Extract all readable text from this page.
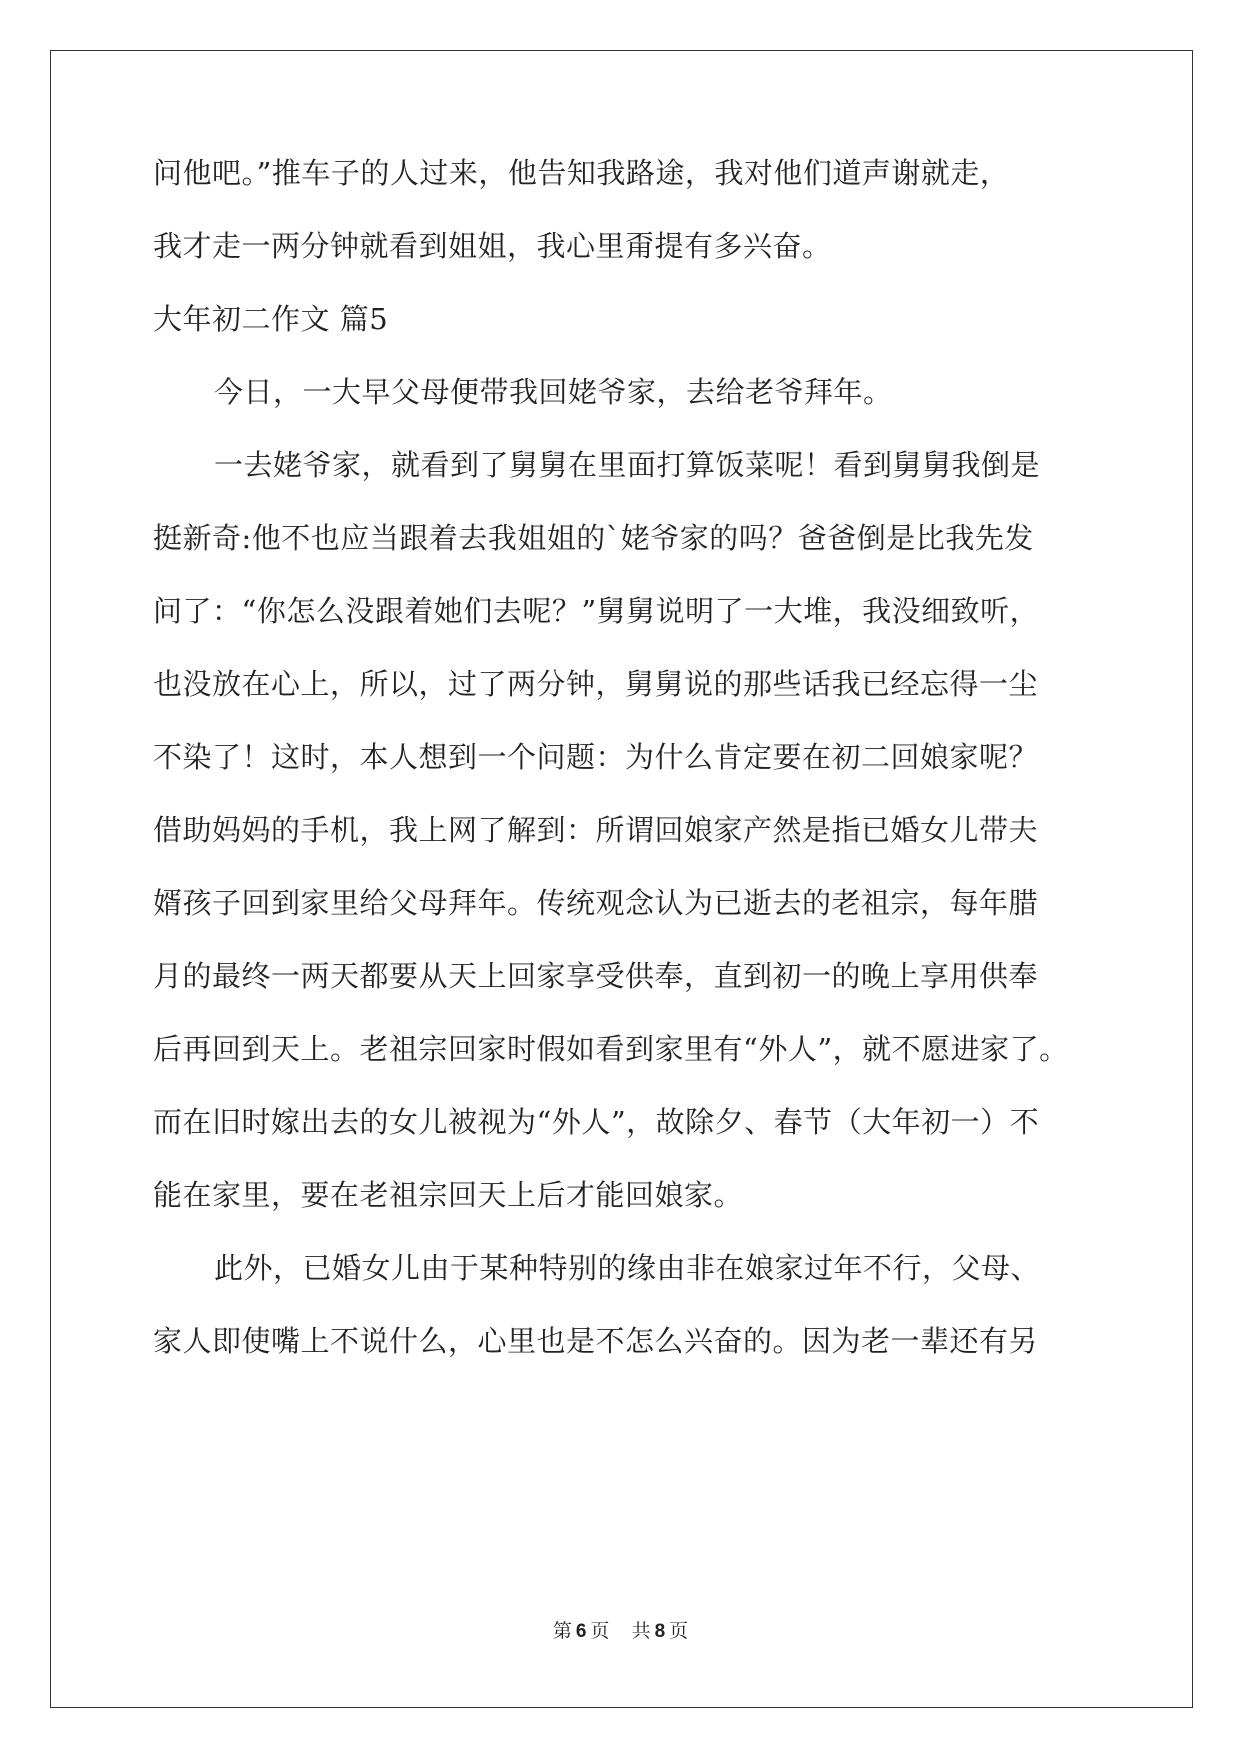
问他吧。”推车子的人过来，他告知我路途，我对他们道声谢就走，
我才走一两分钟就看到姐姐，我心里甭提有多兴奋。
大年初二作文 篇5
今日，一大早父母便带我回姥爷家，去给老爷拜年。
一去姥爷家，就看到了舅舅在里面打算饭菜呢！看到舅舅我倒是
挺新奇:他不也应当跟着去我姐姐的`姥爷家的吗？爸爸倒是比我先发
问了：“你怎么没跟着她们去呢？”舅舅说明了一大堆，我没细致听，
也没放在心上，所以，过了两分钟，舅舅说的那些话我已经忘得一尘
不染了！这时，本人想到一个问题：为什么肯定要在初二回娘家呢？
借助妈妈的手机，我上网了解到：所谓回娘家产然是指已婚女儿带夫
婿孩子回到家里给父母拜年。传统观念认为已逝去的老祖宗，每年腊
月的最终一两天都要从天上回家享受供奉，直到初一的晚上享用供奉
后再回到天上。老祖宗回家时假如看到家里有“外人”，就不愿进家了。
而在旧时嫁出去的女儿被视为“外人”，故除夕、春节（大年初一）不
能在家里，要在老祖宗回天上后才能回娘家。
此外，已婚女儿由于某种特别的缘由非在娘家过年不行，父母、
家人即使嘴上不说什么，心里也是不怎么兴奋的。因为老一辈还有另
第 6 页 共 8 页
